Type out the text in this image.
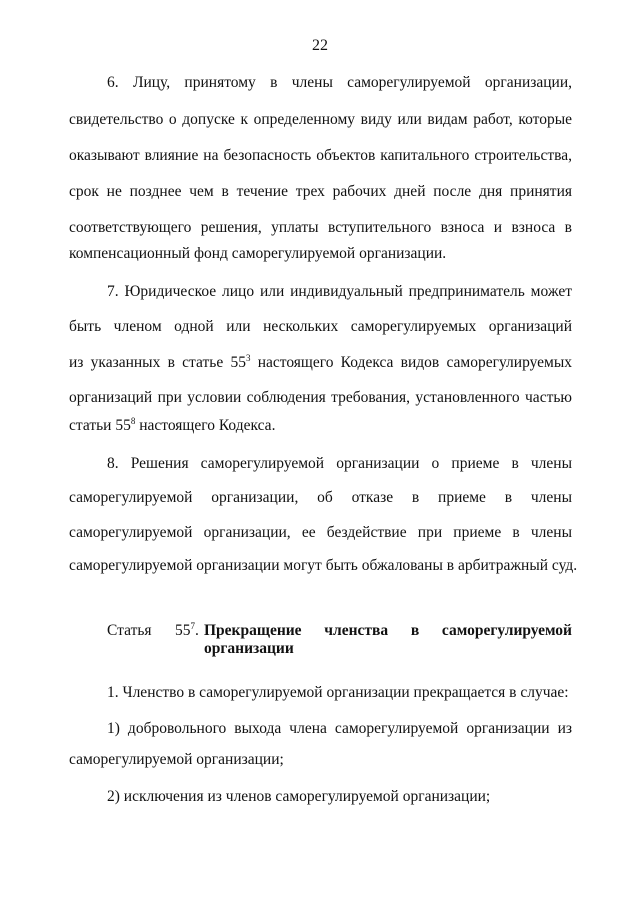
22
6. Лицу, принятому в члены саморегулируемой организации,
свидетельство о допуске к определенному виду или видам работ, которые
оказывают влияние на безопасность объектов капитального строительства,
срок не позднее чем в течение трех рабочих дней после дня принятия
соответствующего решения, уплаты вступительного взноса и взноса в
компенсационный фонд саморегулируемой организации.
7. Юридическое лицо или индивидуальный предприниматель может
быть членом одной или нескольких саморегулируемых организаций
из указанных в статье $55^3$ настоящего Кодекса видов саморегулируемых
организаций при условии соблюдения требования, установленного частью
статьи $55^8$ настоящего Кодекса.
8. Решения саморегулируемой организации о приеме в члены
саморегулируемой организации, об отказе в приеме в члены
саморегулируемой организации, ее бездействие при приеме в члены
саморегулируемой организации могут быть обжалованы в арбитражный суд.
Статья $55^7$. Прекращение членства в саморегулируемой
организации
1. Членство в саморегулируемой организации прекращается в случае:
1) добровольного выхода члена саморегулируемой организации из
саморегулируемой организации;
2) исключения из членов саморегулируемой организации;
